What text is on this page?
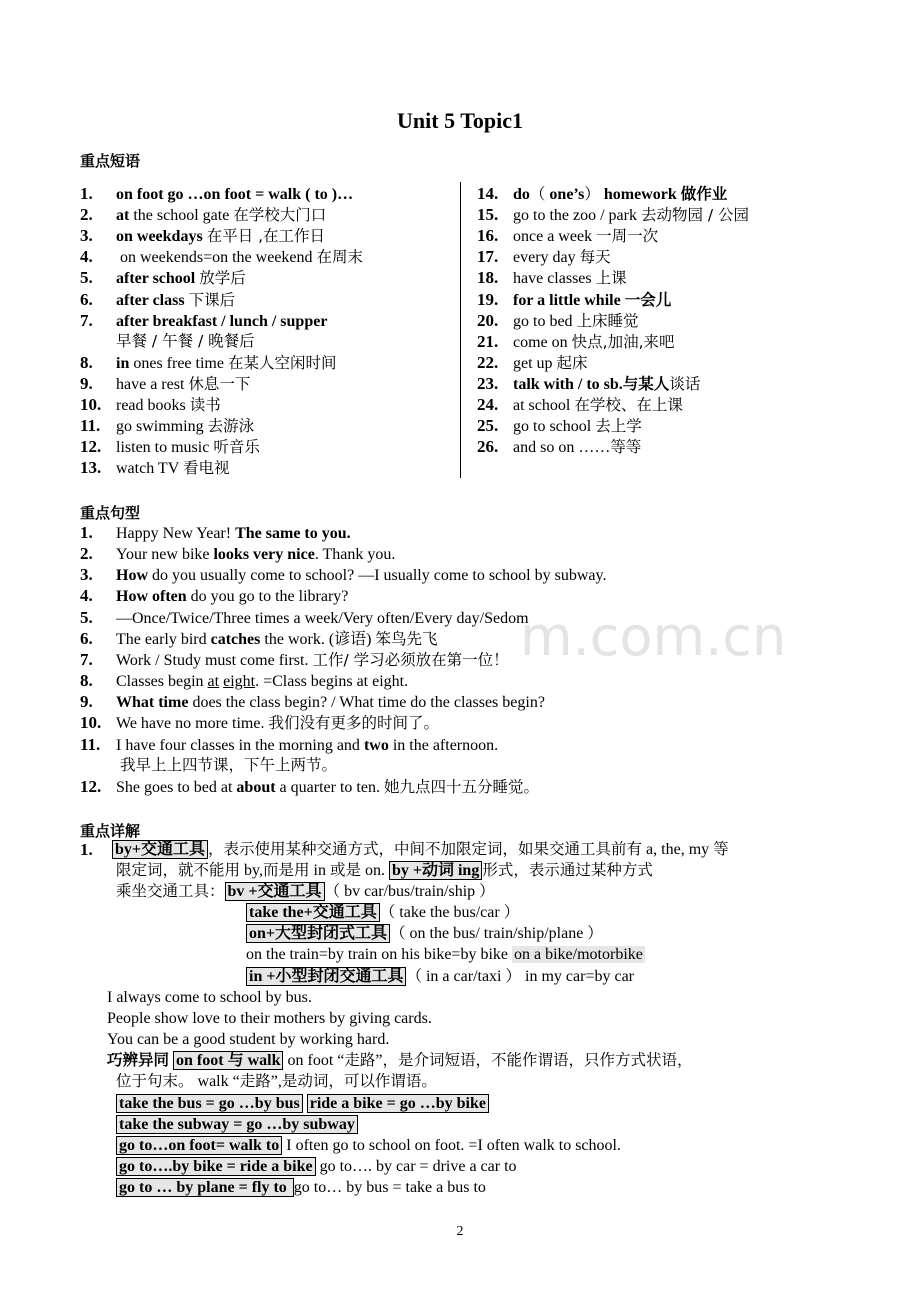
Unit 5 Topic1
重点短语
1. on foot go …on foot = walk ( to )…
2. at the school gate 在学校大门口
3. on weekdays 在平日 ,在工作日
4. on weekends=on the weekend 在周末
5. after school 放学后
6. after class 下课后
7. after breakfast / lunch / supper
早餐 / 午餐 / 晚餐后
8. in ones free time 在某人空闲时间
9. have a rest 休息一下
10. read books 读书
11. go swimming 去游泳
12. listen to music 听音乐
13. watch TV 看电视
14. do（ one’s） homework 做作业
15. go to the zoo / park 去动物园 / 公园
16. once a week 一周一次
17. every day 每天
18. have classes 上课
19. for a little while 一会儿
20. go to bed 上床睡觉
21. come on 快点,加油,来吧
22. get up 起床
23. talk with / to sb.与某人谈话
24. at school 在学校、在上课
25. go to school 去上学
26. and so on ……等等
重点句型
1. Happy New Year! The same to you.
2. Your new bike looks very nice. Thank you.
3. How do you usually come to school? —I usually come to school by subway.
4. How often do you go to the library?
5. —Once/Twice/Three times a week/Very often/Every day/Sedom
6. The early bird catches the work. (谚语) 笨鸟先飞
7. Work / Study must come first. 工作/ 学习必须放在第一位！
8. Classes begin at eight. =Class begins at eight.
9. What time does the class begin? / What time do the classes begin?
10. We have no more time. 我们没有更多的时间了。
11. I have four classes in the morning and two in the afternoon.
我早上上四节课，下午上两节。
12. She goes to bed at about a quarter to ten. 她九点四十五分睡觉。
m.com.cn
重点详解
1.	by+交通工具 ，表示使用某种交通方式，中间不加限定词，如果交通工具前有 a, the, my 等
限定词，就不能用 by,而是用 in 或是 on. by +动词 ing 形式，表示通过某种方式
乘坐交通工具： bv +交通工具 （ bv car/bus/train/ship ）
take the+交通工具 （ take the bus/car ）
on+大型封闭式工具 （ on the bus/ train/ship/plane ）
on the train=by train on his bike=by bike on a bike/motorbike
in +小型封闭交通工具 （ in a car/taxi ） in my car=by car
I always come to school by bus.
People show love to their mothers by giving cards.
You can be a good student by working hard.
巧辨异同 on foot 与 walk on foot “走路”，是介词短语，不能作谓语，只作方式状语，
位于句末。 walk “走路”,是动词，可以作谓语。
take the bus = go …by bus ride a bike = go …by bike
take the subway = go …by subway
go to…on foot= walk to I often go to school on foot. =I often walk to school.
go to….by bike = ride a bike go to…. by car = drive a car to
go to … by plane = fly to go to… by bus = take a bus to
2
